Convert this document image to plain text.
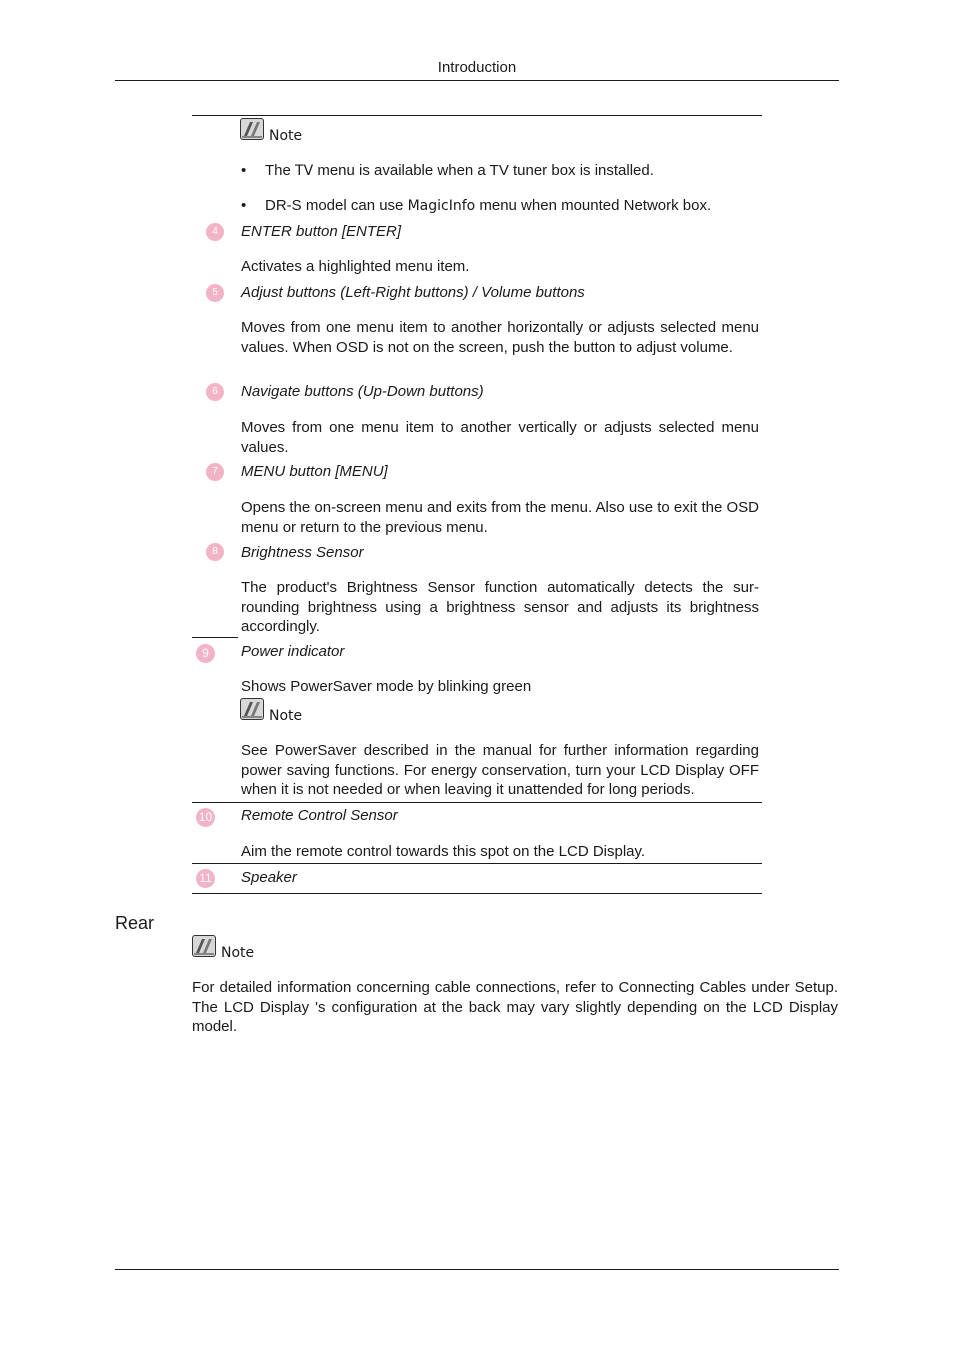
Introduction
Note
• The TV menu is available when a TV tuner box is installed.
• DR-S model can use MagicInfo menu when mounted Network box.
4	ENTER button [ENTER]
Activates a highlighted menu item.
5	Adjust buttons (Left-Right buttons) / Volume buttons
Moves from one menu item to another horizontally or adjusts selected menu values. When OSD is not on the screen, push the button to adjust volume.
6	Navigate buttons (Up-Down buttons)
Moves from one menu item to another vertically or adjusts selected menu values.
7	MENU button [MENU]
Opens the on-screen menu and exits from the menu. Also use to exit the OSD menu or return to the previous menu.
8	Brightness Sensor
The product's Brightness Sensor function automatically detects the sur-rounding brightness using a brightness sensor and adjusts its brightness accordingly.
9	Power indicator
Shows PowerSaver mode by blinking green
Note
See PowerSaver described in the manual for further information regarding power saving functions. For energy conservation, turn your LCD Display OFF when it is not needed or when leaving it unattended for long periods.
10 Remote Control Sensor
Aim the remote control towards this spot on the LCD Display.
11 Speaker
Rear
Note
For detailed information concerning cable connections, refer to Connecting Cables under Setup. The LCD Display 's configuration at the back may vary slightly depending on the LCD Display model.
